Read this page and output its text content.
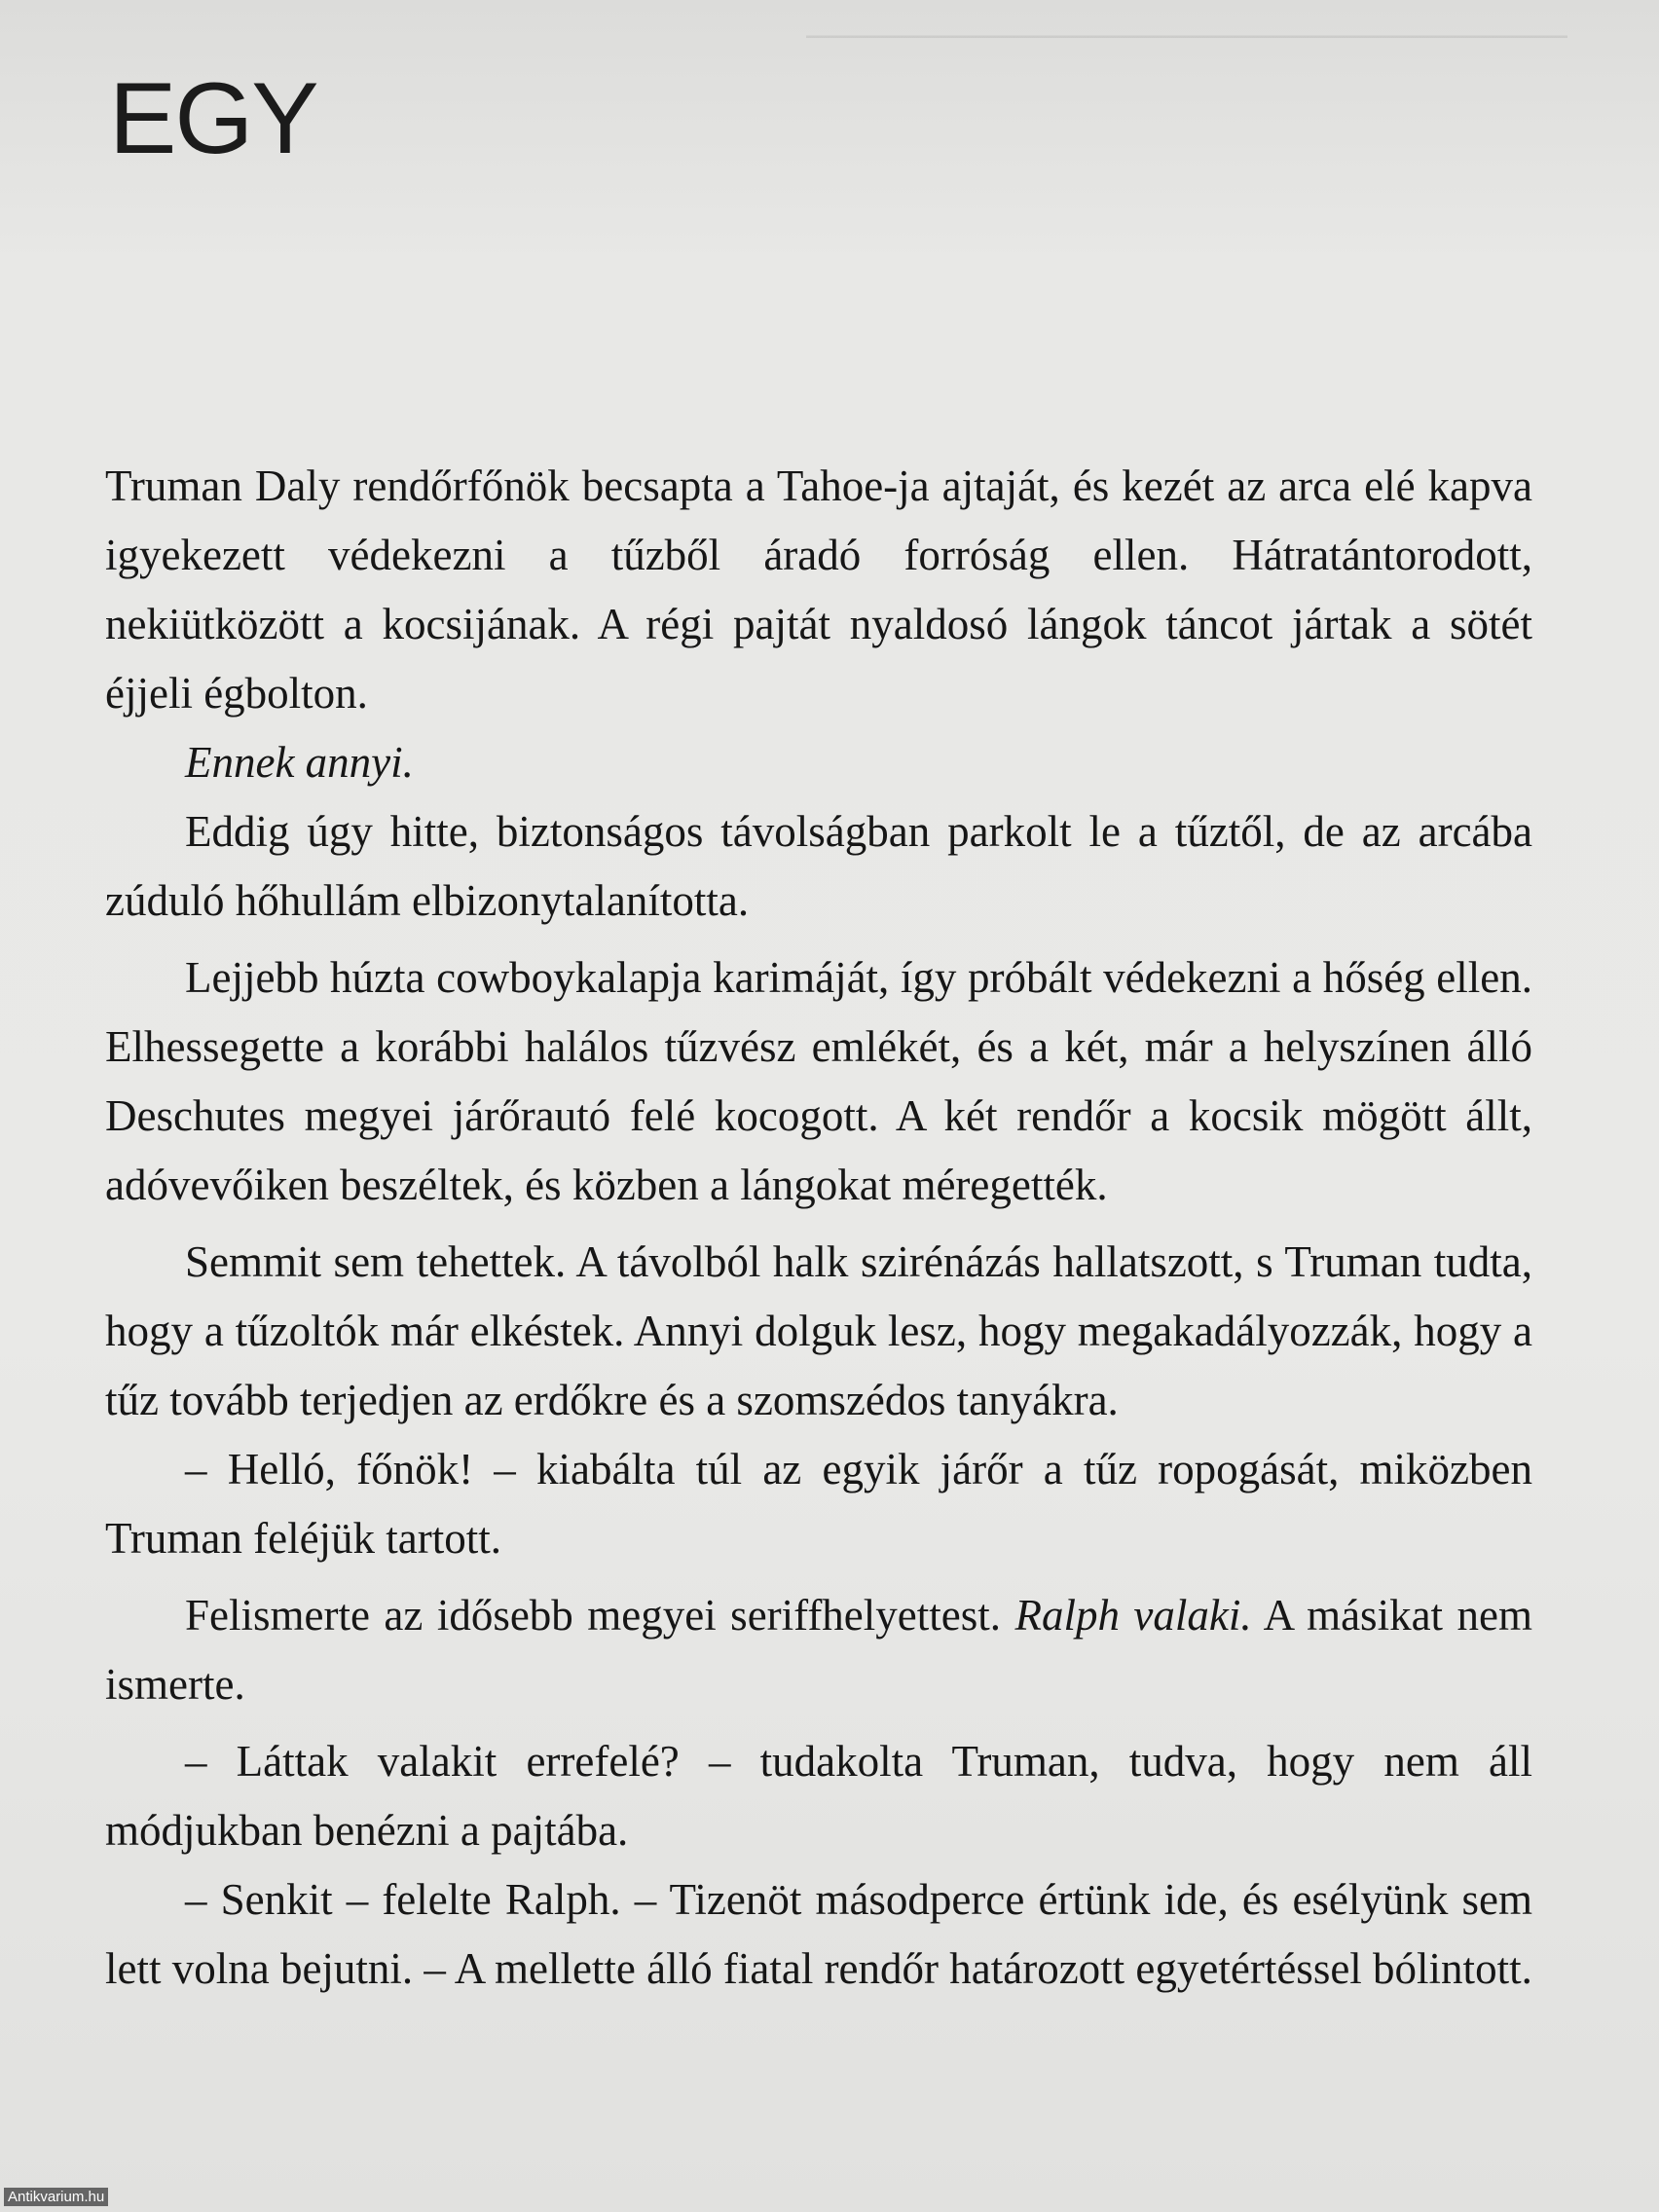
⎯⎯⎯⎯⎯⎯⎯⎯⎯⎯⎯⎯⎯⎯⎯⎯⎯⎯⎯⎯⎯⎯⎯⎯⎯⎯⎯⎯⎯⎯⎯⎯⎯⎯
EGY

Truman Daly rendőrfőnök becsapta a Tahoe-ja ajtaját, és kezét az arca elé kapva igyekezett védekezni a tűzből áradó forróság ellen. Hátratántorodott, nekiütközött a kocsijának. A régi pajtát nyaldosó lángok táncot jártak a sötét éjjeli égbolton.

Ennek annyi.

Eddig úgy hitte, biztonságos távolságban parkolt le a tűztől, de az arcába zúduló hőhullám elbizonytalanította.

Lejjebb húzta cowboykalapja karimáját, így próbált védekezni a hőség ellen. Elhessegette a korábbi halálos tűzvész emlékét, és a két, már a helyszínen álló Deschutes megyei járőrautó felé kocogott. A két rendőr a kocsik mögött állt, adóvevőiken beszéltek, és közben a lángokat méregették.

Semmit sem tehettek. A távolból halk szirénázás hallatszott, s Truman tudta, hogy a tűzoltók már elkéstek. Annyi dolguk lesz, hogy megakadályozzák, hogy a tűz tovább terjedjen az erdőkre és a szomszédos tanyákra.

– Helló, főnök! – kiabálta túl az egyik járőr a tűz ropogását, miközben Truman feléjük tartott.

Felismerte az idősebb megyei seriffhelyettest. Ralph valaki. A másikat nem ismerte.

– Láttak valakit errefelé? – tudakolta Truman, tudva, hogy nem áll módjukban benézni a pajtába.

– Senkit – felelte Ralph. – Tizenöt másodperce értünk ide, és esélyünk sem lett volna bejutni. – A mellette álló fiatal rendőr határozott egyetértéssel bólintott.

Antikvarium.hu
